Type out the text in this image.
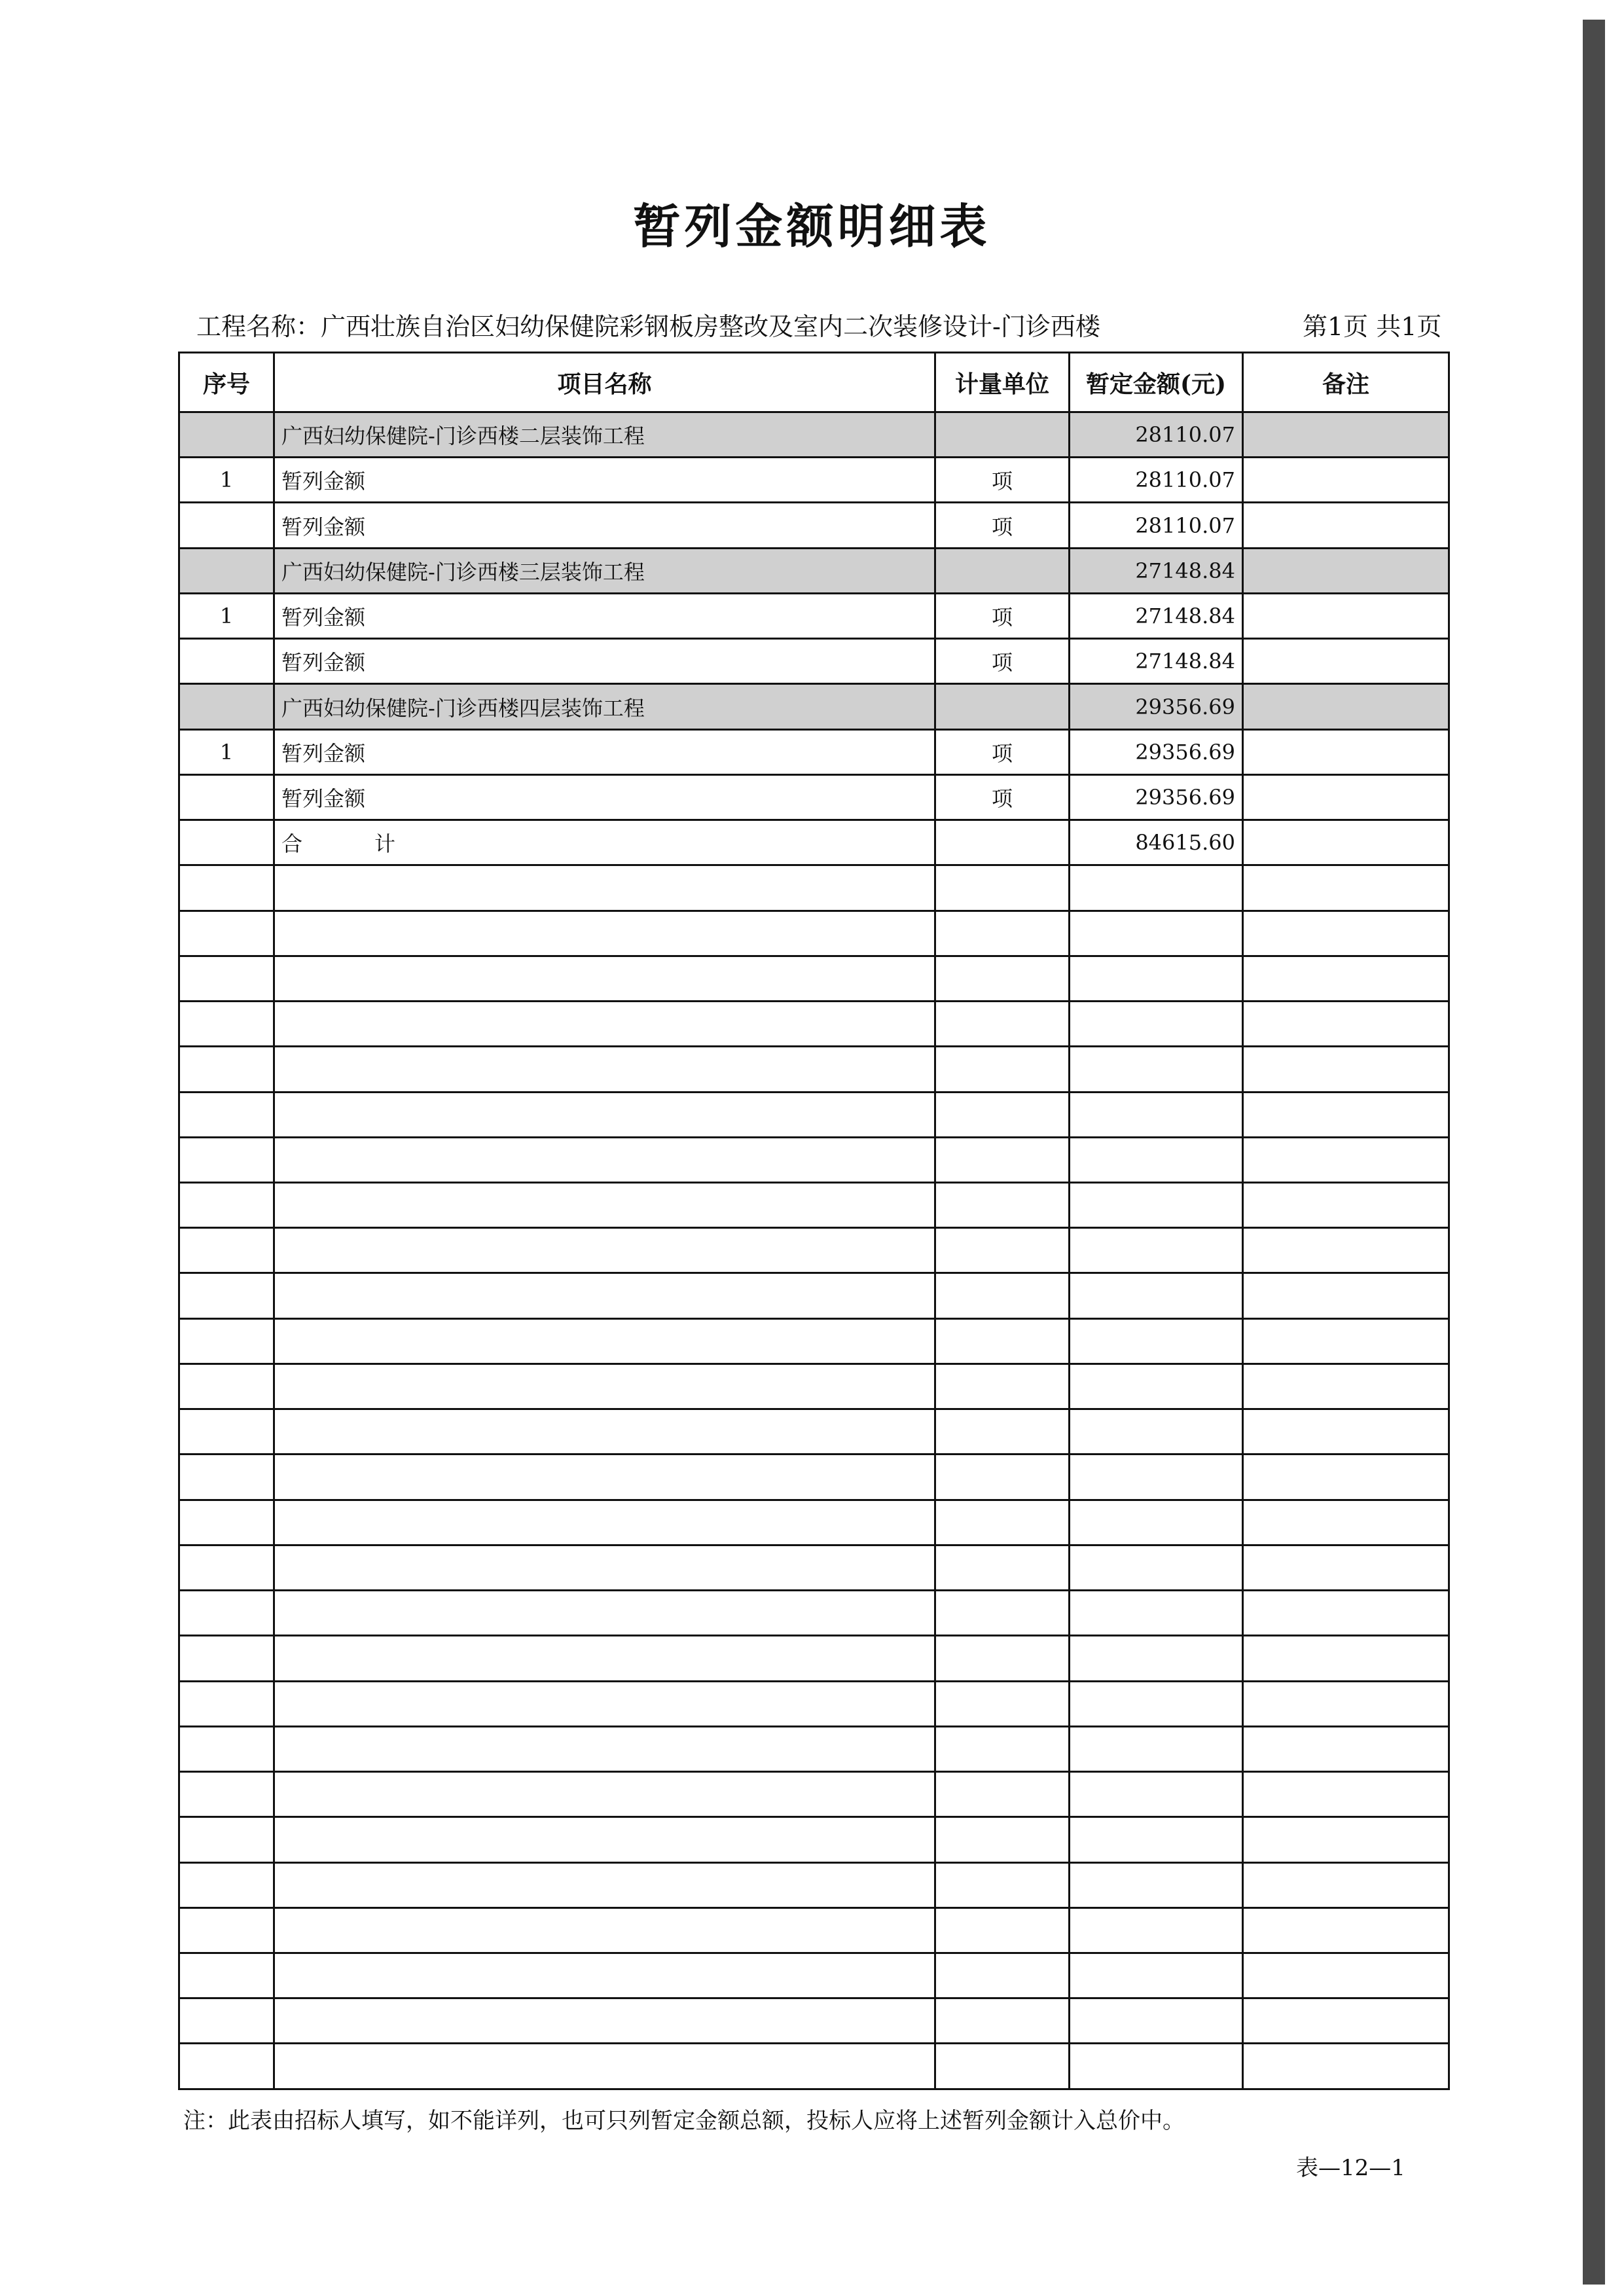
暂列金额明细表
工程名称：广西壮族自治区妇幼保健院彩钢板房整改及室内二次装修设计-门诊西楼	第1页 共1页
序号	项目名称	计量单位	暂定金额(元)	备注
	广西妇幼保健院-门诊西楼二层装饰工程		28110.07	
1	暂列金额	项	28110.07	
	暂列金额	项	28110.07	
	广西妇幼保健院-门诊西楼三层装饰工程		27148.84	
1	暂列金额	项	27148.84	
	暂列金额	项	27148.84	
	广西妇幼保健院-门诊西楼四层装饰工程		29356.69	
1	暂列金额	项	29356.69	
	暂列金额	项	29356.69	
	合计		84615.60	

注：此表由招标人填写，如不能详列，也可只列暂定金额总额，投标人应将上述暂列金额计入总价中。
表—12—1
